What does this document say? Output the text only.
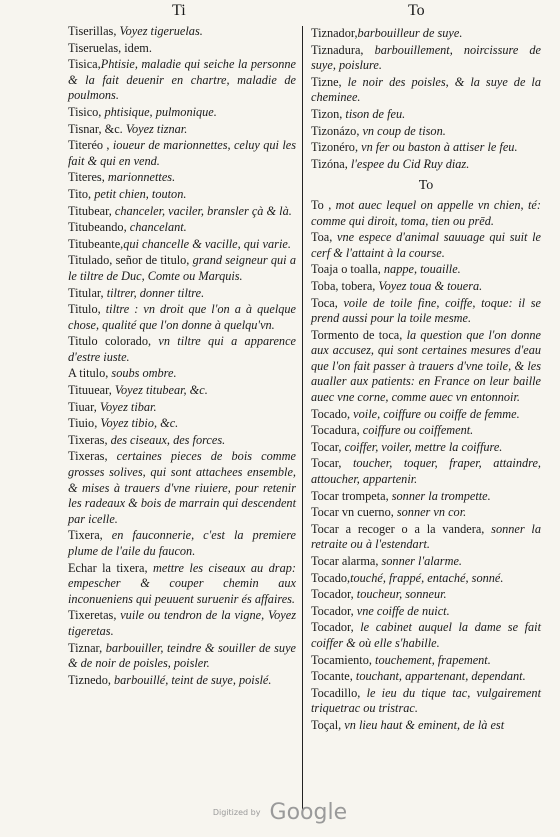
Ti	To
Tiserillas, Voyez tigeruelas.
Tiseruelas, idem.
Tisica,Phtisie, maladie qui seiche la personne & la fait deuenir en chartre, maladie de poulmons.
Tisico, phtisique, pulmonique.
Tisnar, &c. Voyez tiznar.
Titeréo , ioueur de marionnettes, celuy qui les fait & qui en vend.
Titeres, marionnettes.
Tito, petit chien, touton.
Titubear, chanceler, vaciler, bransler çà & là.
Titubeando, chancelant.
Titubeante,qui chancelle & vacille, qui varie.
Titulado, señor de titulo, grand seigneur qui a le tiltre de Duc, Comte ou Marquis.
Titular, tiltrer, donner tiltre.
Titulo, tiltre : vn droit que l'on a à quelque chose, qualité que l'on donne à quelqu'vn.
Titulo colorado, vn tiltre qui a apparence d'estre iuste.
A titulo, soubs ombre.
Tituuear, Voyez titubear, &c.
Tiuar, Voyez tibar.
Tiuio, Voyez tibio, &c.
Tixeras, des ciseaux, des forces.
Tixeras, certaines pieces de bois comme grosses solives, qui sont attachees ensemble, & mises à trauers d'vne riuiere, pour retenir les radeaux & bois de marrain qui descendent par icelle.
Tixera, en fauconnerie, c'est la premiere plume de l'aile du faucon.
Echar la tixera, mettre les ciseaux au drap: empescher & couper chemin aux inconueniens qui peuuent suruenir és affaires.
Tixeretas, vuile ou tendron de la vigne, Voyez tigeretas.
Tiznar, barbouiller, teindre & souiller de suye & de noir de poisles, poisler.
Tiznedo, barbouillé, teint de suye, poislé.
Tiznador,barbouilleur de suye.
Tiznadura, barbouillement, noircissure de suye, poislure.
Tizne, le noir des poisles, & la suye de la cheminee.
Tizon, tison de feu.
Tizonázo, vn coup de tison.
Tizonéro, vn fer ou baston à attiser le feu.
Tizóna, l'espee du Cid Ruy diaz.
To
To , mot auec lequel on appelle vn chien, té: comme qui diroit, toma, tien ou prēd.
Toa, vne espece d'animal sauuage qui suit le cerf & l'attaint à la course.
Toaja o toalla, nappe, touaille.
Toba, tobera, Voyez toua & touera.
Toca, voile de toile fine, coiffe, toque: il se prend aussi pour la toile mesme.
Tormento de toca, la question que l'on donne aux accusez, qui sont certaines mesures d'eau que l'on fait passer à trauers d'vne toile, & les aualler aux patients: en France on leur baille auec vne corne, comme auec vn entonnoir.
Tocado, voile, coiffure ou coiffe de femme.
Tocadura, coiffure ou coiffement.
Tocar, coiffer, voiler, mettre la coiffure.
Tocar, toucher, toquer, fraper, attaindre, attoucher, appartenir.
Tocar trompeta, sonner la trompette.
Tocar vn cuerno, sonner vn cor.
Tocar a recoger o a la vandera, sonner la retraite ou à l'estendart.
Tocar alarma, sonner l'alarme.
Tocado,touché, frappé, entaché, sonné.
Tocador, toucheur, sonneur.
Tocador, vne coiffe de nuict.
Tocador, le cabinet auquel la dame se fait coiffer & où elle s'habille.
Tocamiento, touchement, frapement.
Tocante, touchant, appartenant, dependant.
Tocadillo, le ieu du tique tac, vulgairement triquetrac ou tristrac.
Toçal, vn lieu haut & eminent, de là est
Digitized by Google
